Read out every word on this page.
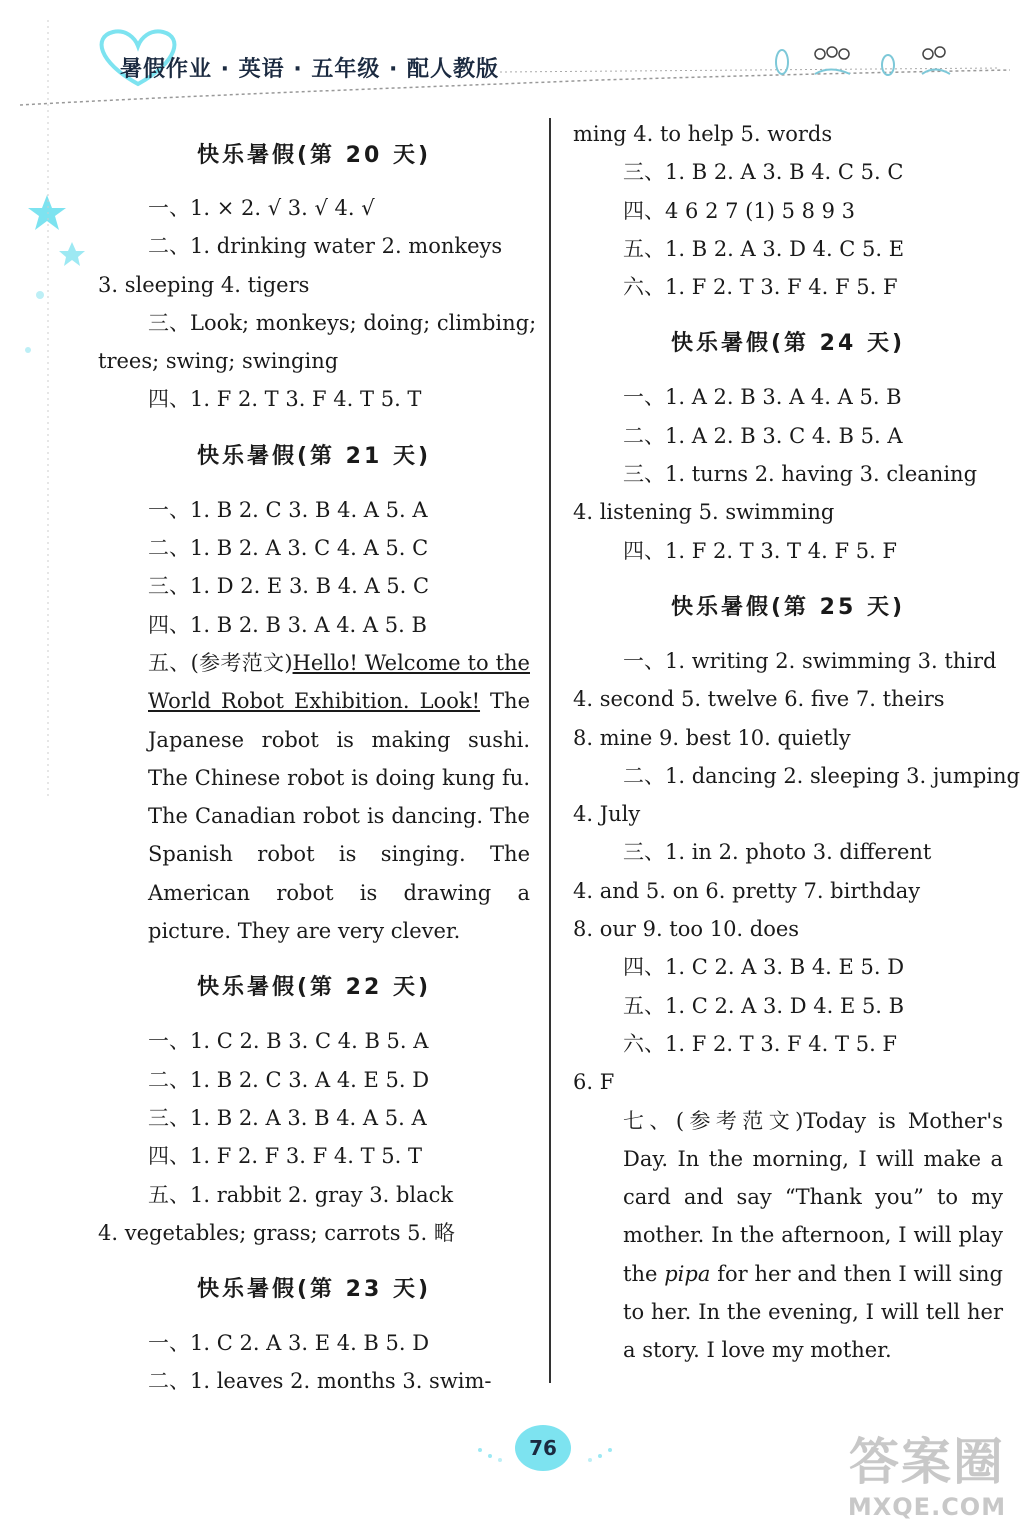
暑假作业 · 英语 · 五年级 · 配人教版

快乐暑假(第 20 天)

一、1. × 2. √ 3. √ 4. √

二、1. drinking water 2. monkeys

3. sleeping 4. tigers

三、Look; monkeys; doing; climbing;

trees; swing; swinging

四、1. F 2. T 3. F 4. T 5. T

快乐暑假(第 21 天)

一、1. B 2. C 3. B 4. A 5. A

二、1. B 2. A 3. C 4. A 5. C

三、1. D 2. E 3. B 4. A 5. C

四、1. B 2. B 3. A 4. A 5. B

五、(参考范文)Hello! Welcome to the World Robot Exhibition. Look! The Japanese robot is making sushi. The Chinese robot is doing kung fu. The Canadian robot is dancing. The Spanish robot is singing. The American robot is drawing a picture. They are very clever.

快乐暑假(第 22 天)

一、1. C 2. B 3. C 4. B 5. A

二、1. B 2. C 3. A 4. E 5. D

三、1. B 2. A 3. B 4. A 5. A

四、1. F 2. F 3. F 4. T 5. T

五、1. rabbit 2. gray 3. black

4. vegetables; grass; carrots 5. 略

快乐暑假(第 23 天)

一、1. C 2. A 3. E 4. B 5. D

二、1. leaves 2. months 3. swim-

ming 4. to help 5. words

三、1. B 2. A 3. B 4. C 5. C

四、4 6 2 7 (1) 5 8 9 3

五、1. B 2. A 3. D 4. C 5. E

六、1. F 2. T 3. F 4. F 5. F

快乐暑假(第 24 天)

一、1. A 2. B 3. A 4. A 5. B

二、1. A 2. B 3. C 4. B 5. A

三、1. turns 2. having 3. cleaning

4. listening 5. swimming

四、1. F 2. T 3. T 4. F 5. F

快乐暑假(第 25 天)

一、1. writing 2. swimming 3. third

4. second 5. twelve 6. five 7. theirs

8. mine 9. best 10. quietly

二、1. dancing 2. sleeping 3. jumping

4. July

三、1. in 2. photo 3. different

4. and 5. on 6. pretty 7. birthday

8. our 9. too 10. does

四、1. C 2. A 3. B 4. E 5. D

五、1. C 2. A 3. D 4. E 5. B

六、1. F 2. T 3. F 4. T 5. F

6. F

七、(参考范文)Today is Mother's Day. In the morning, I will make a card and say “Thank you” to my mother. In the afternoon, I will play the pipa for her and then I will sing to her. In the evening, I will tell her a story. I love my mother.

76	答案圈
MXQE.COM
